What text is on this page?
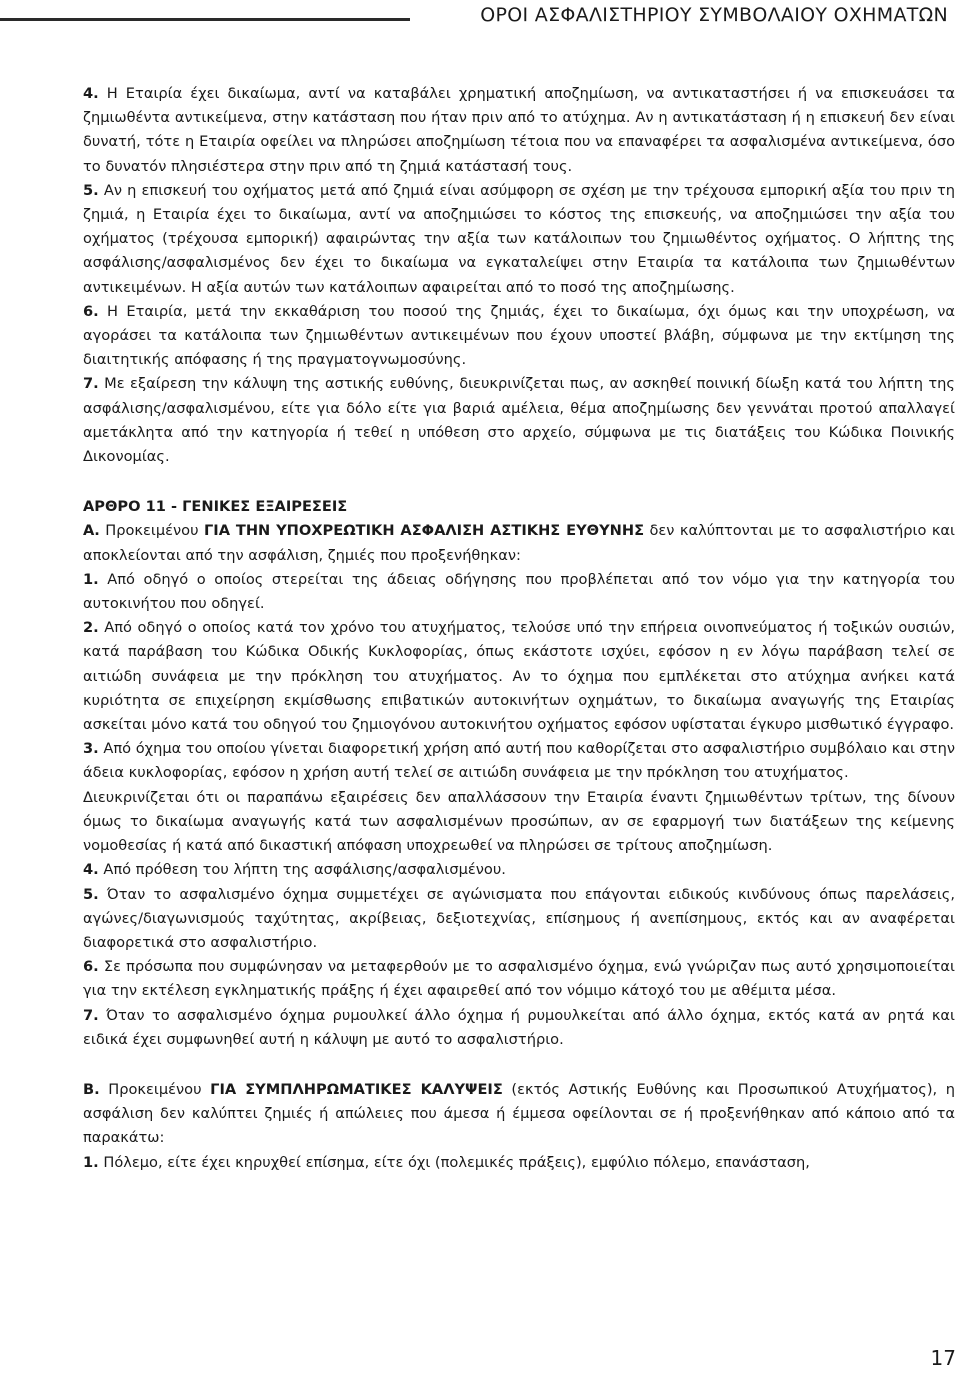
ΟΡΟΙ ΑΣΦΑΛΙΣΤΗΡΙΟΥ ΣΥΜΒΟΛΑΙΟΥ ΟΧΗΜΑΤΩΝ

4. Η Εταιρία έχει δικαίωμα, αντί να καταβάλει χρηματική αποζημίωση, να αντικαταστήσει ή να επισκευάσει τα ζημιωθέντα αντικείμενα, στην κατάσταση που ήταν πριν από το ατύχημα. Αν η αντικατάσταση ή η επισκευή δεν είναι δυνατή, τότε η Εταιρία οφείλει να πληρώσει αποζημίωση τέτοια που να επαναφέρει τα ασφαλισμένα αντικείμενα, όσο το δυνατόν πλησιέστερα στην πριν από τη ζημιά κατάστασή τους.

5. Αν η επισκευή του οχήματος μετά από ζημιά είναι ασύμφορη σε σχέση με την τρέχουσα εμπορική αξία του πριν τη ζημιά, η Εταιρία έχει το δικαίωμα, αντί να αποζημιώσει το κόστος της επισκευής, να αποζημιώσει την αξία του οχήματος (τρέχουσα εμπορική) αφαιρώντας την αξία των κατάλοιπων του ζημιωθέντος οχήματος. Ο λήπτης της ασφάλισης/ασφαλισμένος δεν έχει το δικαίωμα να εγκαταλείψει στην Εταιρία τα κατάλοιπα των ζημιωθέντων αντικειμένων. Η αξία αυτών των κατάλοιπων αφαιρείται από το ποσό της αποζημίωσης.

6. Η Εταιρία, μετά την εκκαθάριση του ποσού της ζημιάς, έχει το δικαίωμα, όχι όμως και την υποχρέωση, να αγοράσει τα κατάλοιπα των ζημιωθέντων αντικειμένων που έχουν υποστεί βλάβη, σύμφωνα με την εκτίμηση της διαιτητικής απόφασης ή της πραγματογνωμοσύνης.

7. Με εξαίρεση την κάλυψη της αστικής ευθύνης, διευκρινίζεται πως, αν ασκηθεί ποινική δίωξη κατά του λήπτη της ασφάλισης/ασφαλισμένου, είτε για δόλο είτε για βαριά αμέλεια, θέμα αποζημίωσης δεν γεννάται προτού απαλλαγεί αμετάκλητα από την κατηγορία ή τεθεί η υπόθεση στο αρχείο, σύμφωνα με τις διατάξεις του Κώδικα Ποινικής Δικονομίας.

ΑΡΘΡΟ 11 - ΓΕΝΙΚΕΣ ΕΞΑΙΡΕΣΕΙΣ

Α. Προκειμένου ΓΙΑ ΤΗΝ ΥΠΟΧΡΕΩΤΙΚΗ ΑΣΦΑΛΙΣΗ ΑΣΤΙΚΗΣ ΕΥΘΥΝΗΣ δεν καλύπτονται με το ασφαλιστήριο και αποκλείονται από την ασφάλιση, ζημιές που προξενήθηκαν:

1. Από οδηγό ο οποίος στερείται της άδειας οδήγησης που προβλέπεται από τον νόμο για την κατηγορία του αυτοκινήτου που οδηγεί.

2. Από οδηγό ο οποίος κατά τον χρόνο του ατυχήματος, τελούσε υπό την επήρεια οινοπνεύματος ή τοξικών ουσιών, κατά παράβαση του Κώδικα Οδικής Κυκλοφορίας, όπως εκάστοτε ισχύει, εφόσον η εν λόγω παράβαση τελεί σε αιτιώδη συνάφεια με την πρόκληση του ατυχήματος. Αν το όχημα που εμπλέκεται στο ατύχημα ανήκει κατά κυριότητα σε επιχείρηση εκμίσθωσης επιβατικών αυτοκινήτων οχημάτων, το δικαίωμα αναγωγής της Εταιρίας ασκείται μόνο κατά του οδηγού του ζημιογόνου αυτοκινήτου οχήματος εφόσον υφίσταται έγκυρο μισθωτικό έγγραφο.

3. Από όχημα του οποίου γίνεται διαφορετική χρήση από αυτή που καθορίζεται στο ασφαλιστήριο συμβόλαιο και στην άδεια κυκλοφορίας, εφόσον η χρήση αυτή τελεί σε αιτιώδη συνάφεια με την πρόκληση του ατυχήματος.

Διευκρινίζεται ότι οι παραπάνω εξαιρέσεις δεν απαλλάσσουν την Εταιρία έναντι ζημιωθέντων τρίτων, της δίνουν όμως το δικαίωμα αναγωγής κατά των ασφαλισμένων προσώπων, αν σε εφαρμογή των διατάξεων της κείμενης νομοθεσίας ή κατά από δικαστική απόφαση υποχρεωθεί να πληρώσει σε τρίτους αποζημίωση.

4. Από πρόθεση του λήπτη της ασφάλισης/ασφαλισμένου.

5. Όταν το ασφαλισμένο όχημα συμμετέχει σε αγώνισματα που επάγονται ειδικούς κινδύνους όπως παρελάσεις, αγώνες/διαγωνισμούς ταχύτητας, ακρίβειας, δεξιοτεχνίας, επίσημους ή ανεπίσημους, εκτός και αν αναφέρεται διαφορετικά στο ασφαλιστήριο.

6. Σε πρόσωπα που συμφώνησαν να μεταφερθούν με το ασφαλισμένο όχημα, ενώ γνώριζαν πως αυτό χρησιμοποιείται για την εκτέλεση εγκληματικής πράξης ή έχει αφαιρεθεί από τον νόμιμο κάτοχό του με αθέμιτα μέσα.

7. Όταν το ασφαλισμένο όχημα ρυμουλκεί άλλο όχημα ή ρυμουλκείται από άλλο όχημα, εκτός κατά αν ρητά και ειδικά έχει συμφωνηθεί αυτή η κάλυψη με αυτό το ασφαλιστήριο.

Β. Προκειμένου ΓΙΑ ΣΥΜΠΛΗΡΩΜΑΤΙΚΕΣ ΚΑΛΥΨΕΙΣ (εκτός Αστικής Ευθύνης και Προσωπικού Ατυχήματος), η ασφάλιση δεν καλύπτει ζημιές ή απώλειες που άμεσα ή έμμεσα οφείλονται σε ή προξενήθηκαν από κάποιο από τα παρακάτω:

1. Πόλεμο, είτε έχει κηρυχθεί επίσημα, είτε όχι (πολεμικές πράξεις), εμφύλιο πόλεμο, επανάσταση,

17
